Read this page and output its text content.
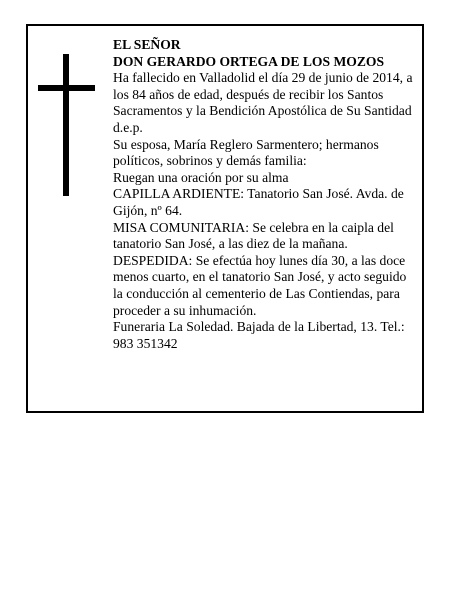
EL SEÑOR

DON GERARDO ORTEGA DE LOS MOZOS

Ha fallecido en Valladolid el día 29 de junio de 2014, a los 84 años de edad, después de recibir los Santos Sacramentos y la Bendición Apostólica de Su Santidad d.e.p.

Su esposa, María Reglero Sarmentero; hermanos políticos, sobrinos y demás familia:

Ruegan una oración por su alma

CAPILLA ARDIENTE: Tanatorio San José. Avda. de Gijón, nº 64.

MISA COMUNITARIA: Se celebra en la caipla del tanatorio San José, a las diez de la mañana.

DESPEDIDA: Se efectúa hoy lunes día 30, a las doce menos cuarto, en el tanatorio San José, y acto seguido la conducción al cementerio de Las Contiendas, para proceder a su inhumación.

Funeraria La Soledad. Bajada de la Libertad, 13. Tel.: 983 351342
